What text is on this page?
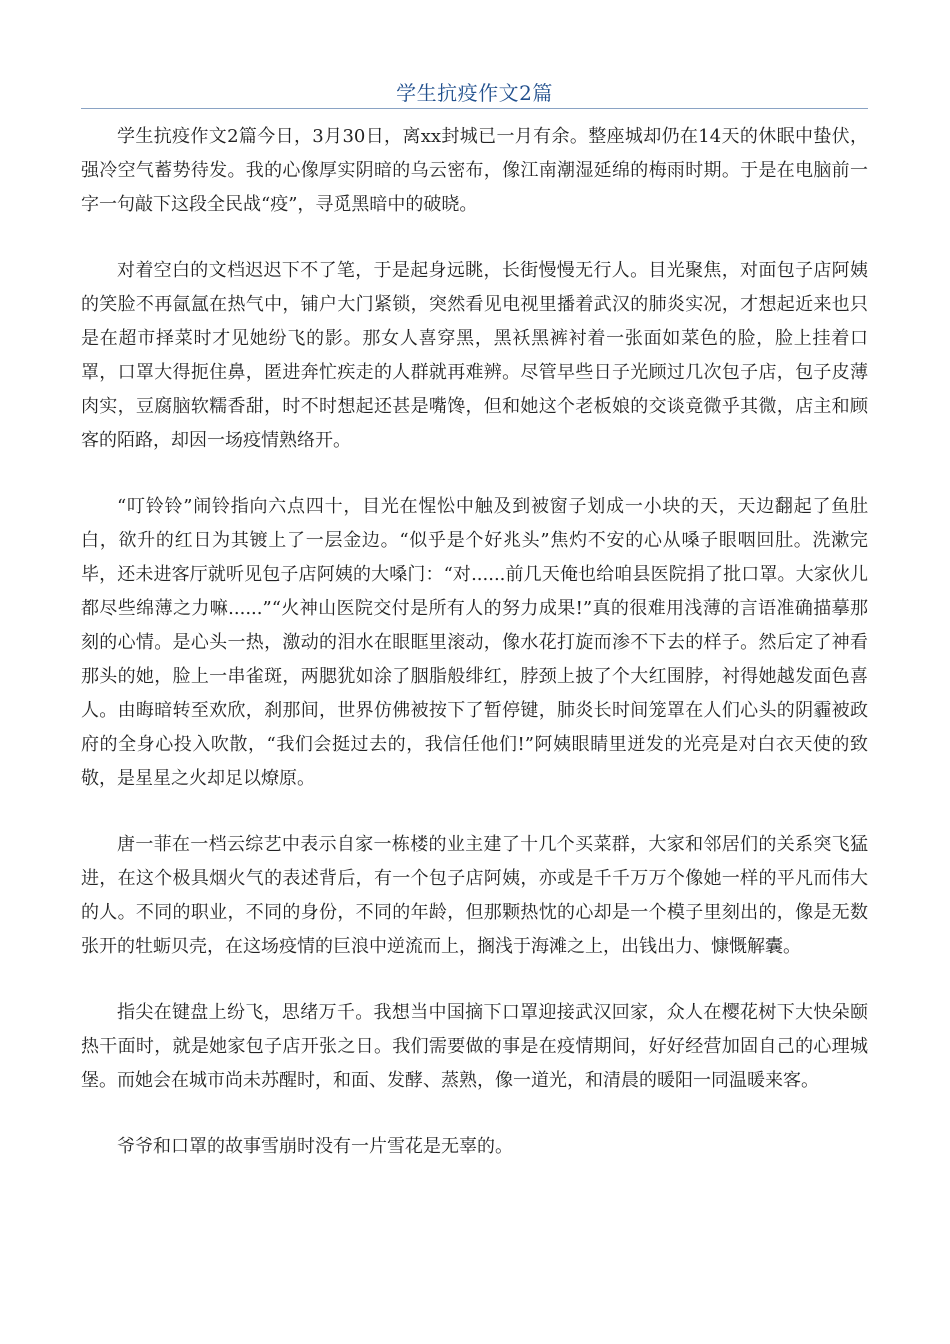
学生抗疫作文2篇

学生抗疫作文2篇今日，3月30日，离xx封城已一月有余。整座城却仍在14天的休眠中蛰伏，强冷空气蓄势待发。我的心像厚实阴暗的乌云密布，像江南潮湿延绵的梅雨时期。于是在电脑前一字一句敲下这段全民战“疫”，寻觅黑暗中的破晓。

对着空白的文档迟迟下不了笔，于是起身远眺，长街慢慢无行人。目光聚焦，对面包子店阿姨的笑脸不再氤氲在热气中，铺户大门紧锁，突然看见电视里播着武汉的肺炎实况，才想起近来也只是在超市择菜时才见她纷飞的影。那女人喜穿黑，黑袄黑裤衬着一张面如菜色的脸，脸上挂着口罩，口罩大得扼住鼻，匿进奔忙疾走的人群就再难辨。尽管早些日子光顾过几次包子店，包子皮薄肉实，豆腐脑软糯香甜，时不时想起还甚是嘴馋，但和她这个老板娘的交谈竟微乎其微，店主和顾客的陌路，却因一场疫情熟络开。

“叮铃铃”闹铃指向六点四十，目光在惺忪中触及到被窗子划成一小块的天，天边翻起了鱼肚白，欲升的红日为其镀上了一层金边。“似乎是个好兆头”焦灼不安的心从嗓子眼咽回肚。洗漱完毕，还未进客厅就听见包子店阿姨的大嗓门：“对......前几天俺也给咱县医院捐了批口罩。大家伙儿都尽些绵薄之力嘛......”“火神山医院交付是所有人的努力成果!”真的很难用浅薄的言语准确描摹那刻的心情。是心头一热，激动的泪水在眼眶里滚动，像水花打旋而渗不下去的样子。然后定了神看那头的她，脸上一串雀斑，两腮犹如涂了胭脂般绯红，脖颈上披了个大红围脖，衬得她越发面色喜人。由晦暗转至欢欣，刹那间，世界仿佛被按下了暂停键，肺炎长时间笼罩在人们心头的阴霾被政府的全身心投入吹散，“我们会挺过去的，我信任他们!”阿姨眼睛里迸发的光亮是对白衣天使的致敬，是星星之火却足以燎原。

唐一菲在一档云综艺中表示自家一栋楼的业主建了十几个买菜群，大家和邻居们的关系突飞猛进，在这个极具烟火气的表述背后，有一个包子店阿姨，亦或是千千万万个像她一样的平凡而伟大的人。不同的职业，不同的身份，不同的年龄，但那颗热忱的心却是一个模子里刻出的，像是无数张开的牡蛎贝壳，在这场疫情的巨浪中逆流而上，搁浅于海滩之上，出钱出力、慷慨解囊。

指尖在键盘上纷飞，思绪万千。我想当中国摘下口罩迎接武汉回家，众人在樱花树下大快朵颐热干面时，就是她家包子店开张之日。我们需要做的事是在疫情期间，好好经营加固自己的心理城堡。而她会在城市尚未苏醒时，和面、发酵、蒸熟，像一道光，和清晨的暖阳一同温暖来客。

爷爷和口罩的故事雪崩时没有一片雪花是无辜的。
